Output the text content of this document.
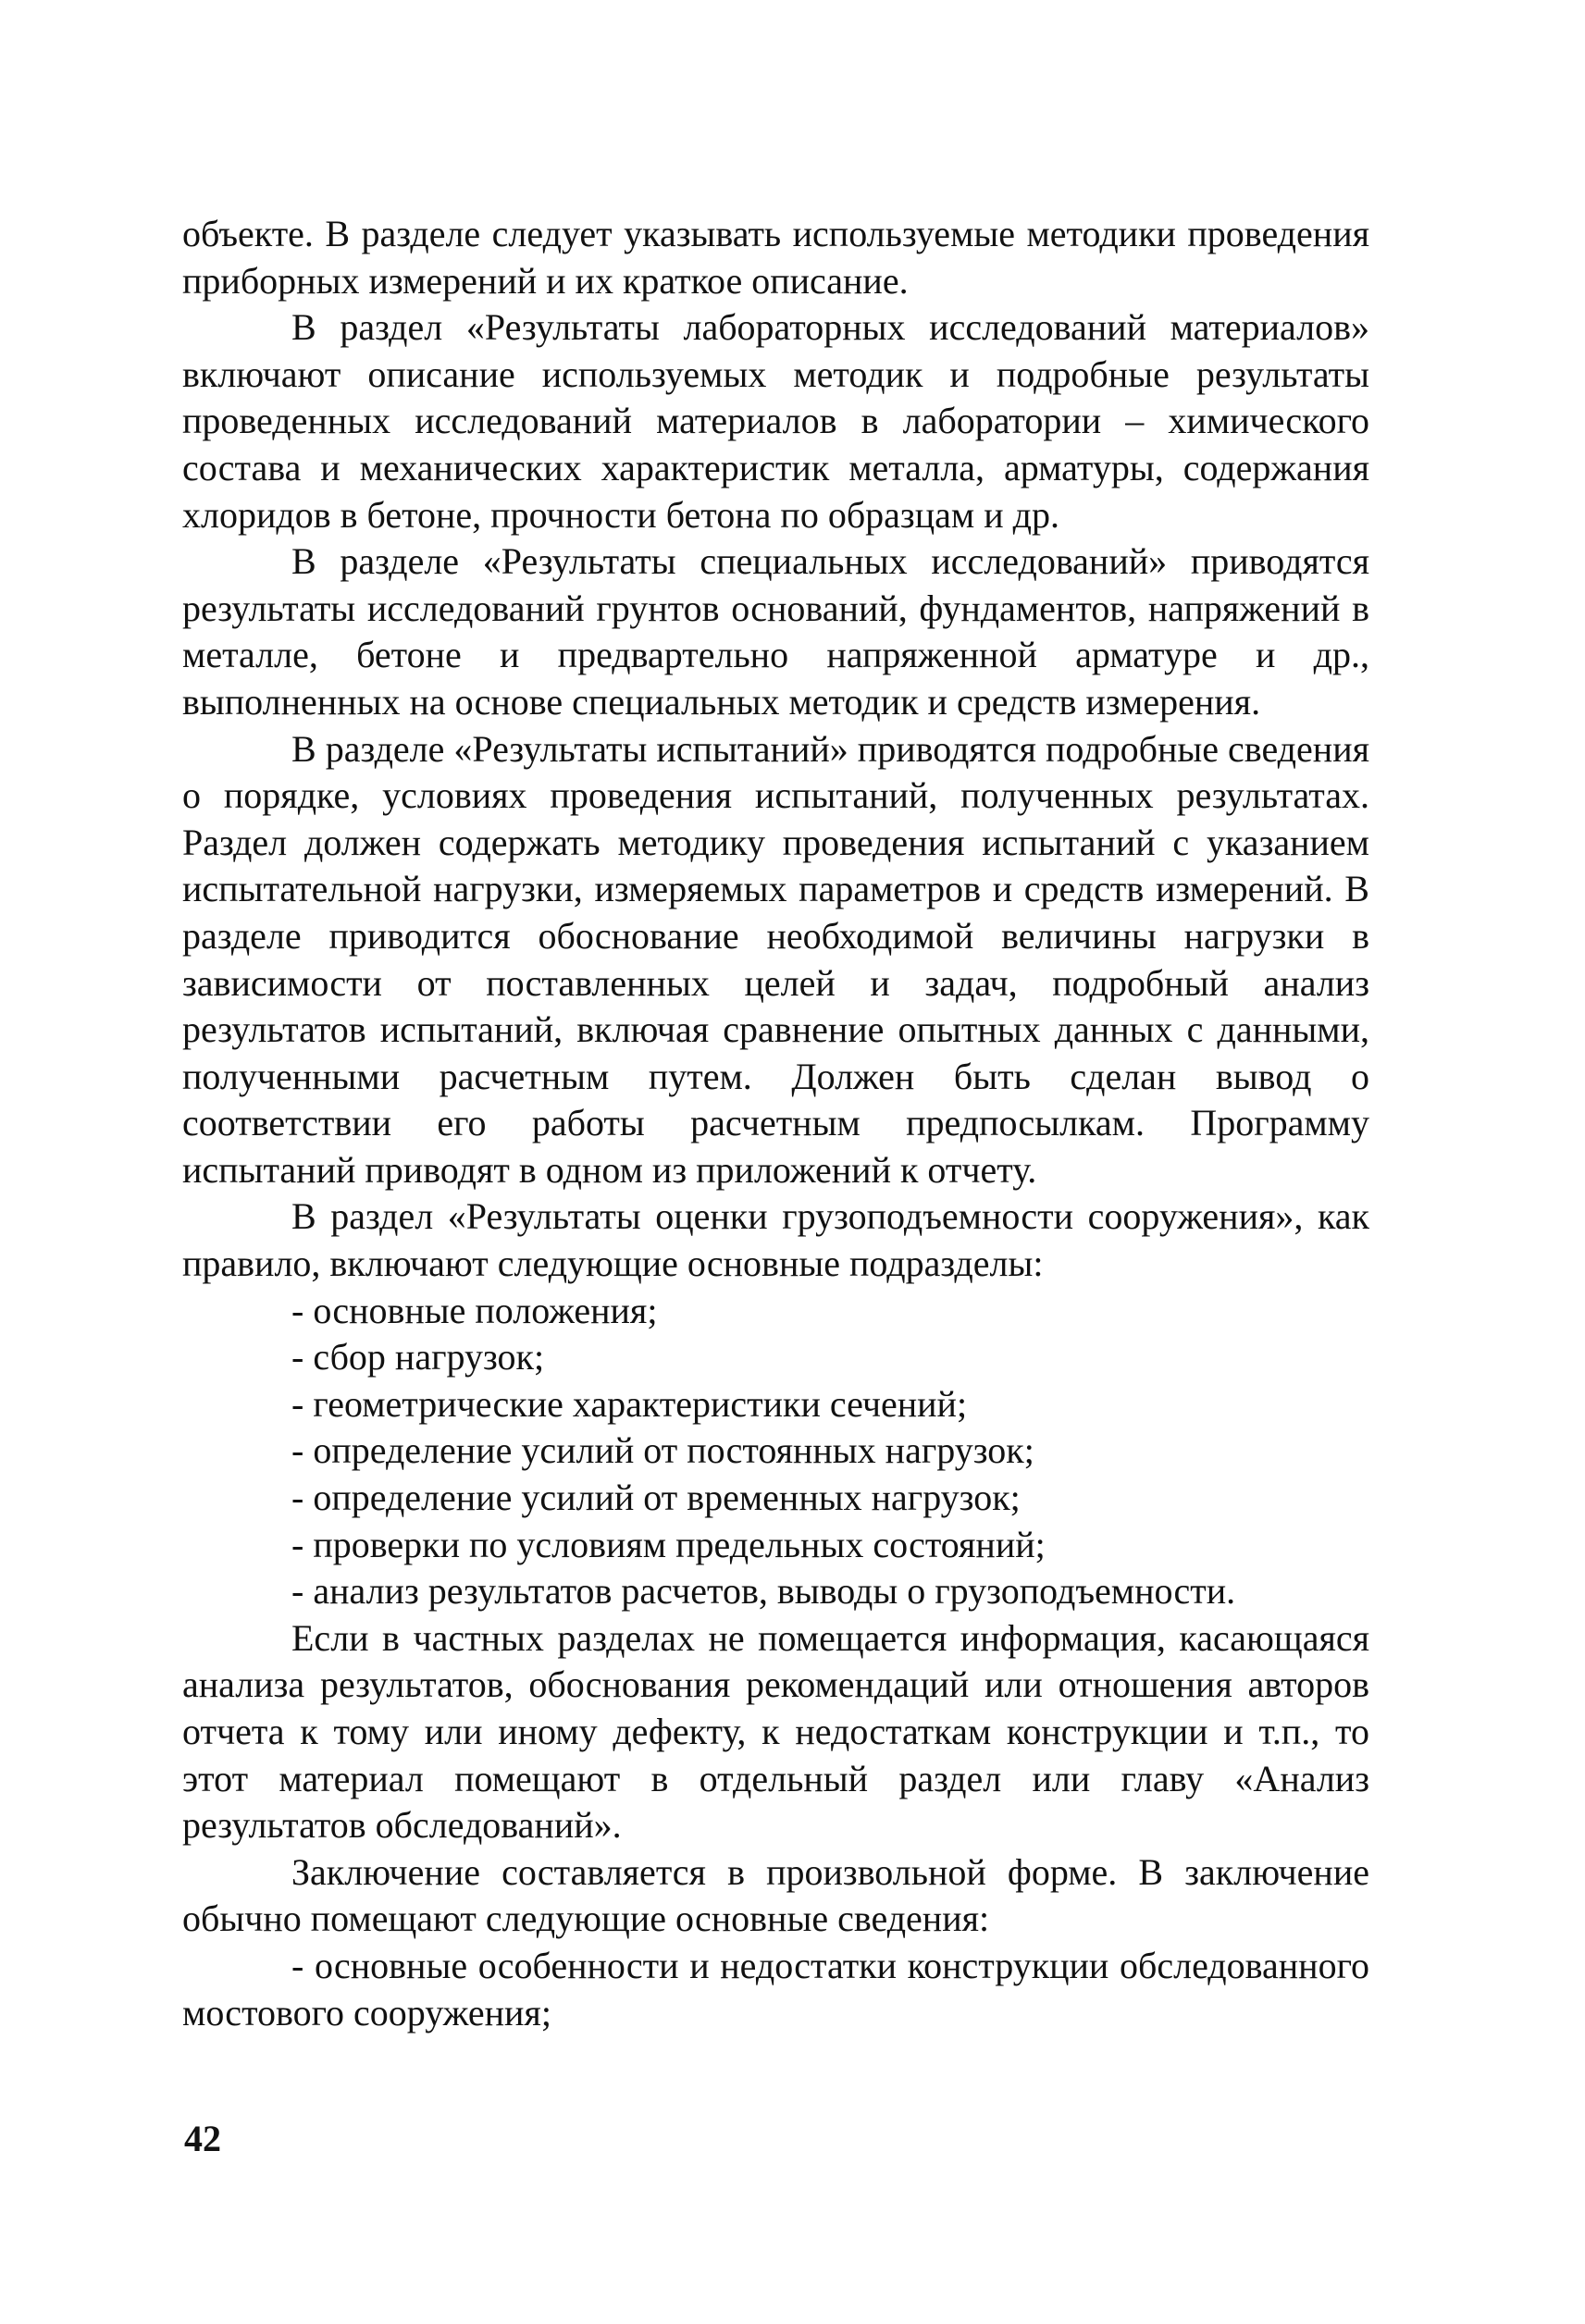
объекте. В разделе следует указывать используемые методики проведения приборных измерений и их краткое описание.

В раздел «Результаты лабораторных исследований материалов» включают описание используемых методик и подробные результаты проведенных исследований материалов в лаборатории – химического состава и механических характеристик металла, арматуры, содержания хлоридов в бетоне, прочности бетона по образцам и др.

В разделе «Результаты специальных исследований» приводятся результаты исследований грунтов оснований, фундаментов, напряжений в металле, бетоне и предвартельно напряженной арматуре и др., выполненных на основе специальных методик и средств измерения.

В разделе «Результаты испытаний» приводятся подробные сведения о порядке, условиях проведения испытаний, полученных результатах. Раздел должен содержать методику проведения испытаний с указанием испытательной нагрузки, измеряемых параметров и средств измерений. В разделе приводится обоснование необходимой величины нагрузки в зависимости от поставленных целей и задач, подробный анализ результатов испытаний, включая сравнение опытных данных с данными, полученными расчетным путем. Должен быть сделан вывод о соответствии его работы расчетным предпосылкам. Программу испытаний приводят в одном из приложений к отчету.

В раздел «Результаты оценки грузоподъемности сооружения», как правило, включают следующие основные подразделы:

- основные положения;
- сбор нагрузок;
- геометрические характеристики сечений;
- определение усилий от постоянных нагрузок;
- определение усилий от временных нагрузок;
- проверки по условиям предельных состояний;
- анализ результатов расчетов, выводы о грузоподъемности.

Если в частных разделах не помещается информация, касающаяся анализа результатов, обоснования рекомендаций или отношения авторов отчета к тому или иному дефекту, к недостаткам конструкции и т.п., то этот материал помещают в отдельный раздел или главу «Анализ результатов обследований».

Заключение составляется в произвольной форме. В заключение обычно помещают следующие основные сведения:

- основные особенности и недостатки конструкции обследованного мостового сооружения;

42
